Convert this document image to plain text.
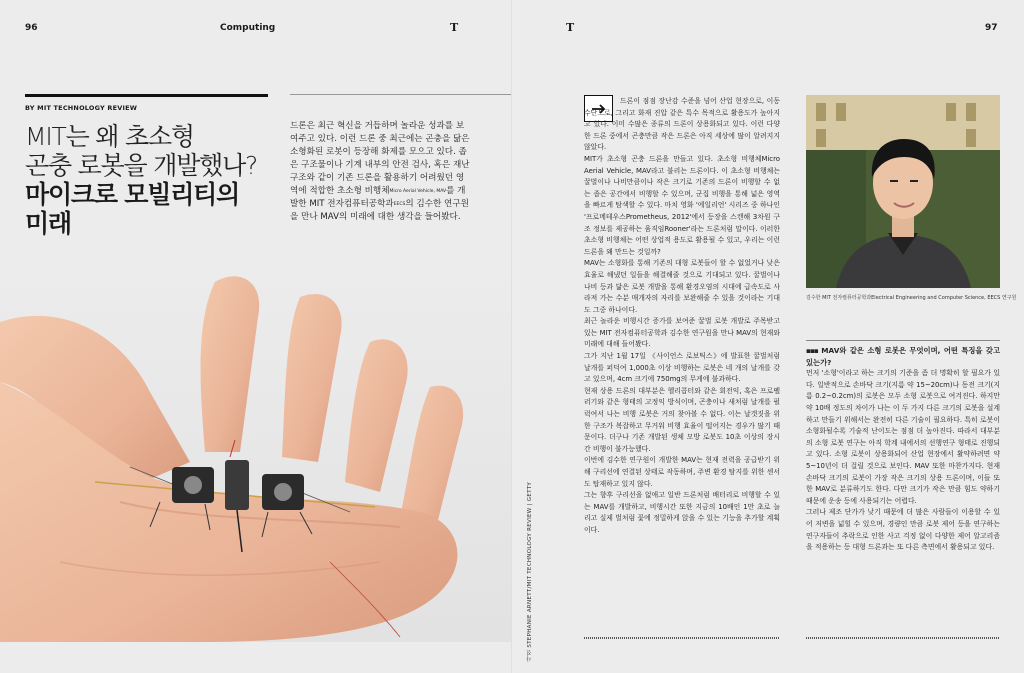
96	Computing	T	T	97
BY MIT TECHNOLOGY REVIEW
MIT는 왜 초소형
곤충 로봇을 개발했나?
마이크로 모빌리티의
미래
드론은 최근 혁신을 거듭하며 놀라운 성과를 보여주고 있다. 이런 드론 중 최근에는 곤충을 닮은 소형화된 로봇이 등장해 화제를 모으고 있다. 좁은 구조물이나 기계 내부의 안전 검사, 혹은 재난 구조와 같이 기존 드론을 활용하기 어려웠던 영역에 적합한 초소형 비행체$^{Micro Aerial Vehicle, MAV}$를 개발한 MIT 전자컴퓨터공학과$^{EECS}$의 김수한 연구원을 만나 MAV의 미래에 대한 생각을 들어봤다.
사진 STEPHANIE ARNETT/MIT TECHNOLOGY REVIEW | GETTY

드론이 점점 장난감 수준을 넘어 산업 현장으로, 이동 수단으로, 그리고 화재 진압 같은 특수 목적으로 활용도가 높아지고 있다. 이미 수많은 종류의 드론이 상용화되고 있다. 이런 다양한 드론 중에서 곤충만큼 작은 드론은 아직 세상에 많이 알려지지 않았다.

MIT가 초소형 곤충 드론을 만들고 있다. 초소형 비행체Micro Aerial Vehicle, MAV라고 불리는 드론이다. 이 초소형 비행체는 꿀벌이나 나비만큼이나 작은 크기로 기존의 드론이 비행할 수 없는 좁은 공간에서 비행할 수 있으며, 군집 비행을 통해 넓은 영역을 빠르게 탐색할 수 있다. 마치 영화 '에일리언' 시리즈 중 하나인 '프로메테우스Prometheus, 2012'에서 등장을 스캔해 3차원 구조 정보를 제공하는 움직임Rooner'라는 드론처럼 말이다. 이러한 초소형 비행체는 어떤 상업적 용도로 활용될 수 있고, 우리는 이런 드론을 왜 만드는 것일까?

MAV는 소형화를 통해 기존의 대형 로봇들이 할 수 없었거나 낮은 효율로 해냈던 일들을 해결해줄 것으로 기대되고 있다. 꿀벌이나 나비 등과 닮은 로봇 개발을 통해 환경오염의 시대에 급속도로 사라져 가는 수분 매개자의 자리를 보완해줄 수 있을 것이라는 기대도 그중 하나이다.

최근 놀라운 비행시간 증가를 보여준 꿀벌 로봇 개발로 주목받고 있는 MIT 전자컴퓨터공학과 김수한 연구원을 만나 MAV의 현재와 미래에 대해 들어봤다.

그가 지난 1월 17일 《사이언스 로보틱스》에 발표한 꿀벌처럼 날개를 퍼덕여 1,000초 이상 비행하는 로봇은 네 개의 날개를 갖고 있으며, 4cm 크기에 750mg의 무게에 불과하다.

현재 상용 드론의 대부분은 헬리콥터와 같은 회전익, 혹은 프로펠러기와 같은 형태의 고정익 방식이며, 곤충이나 새처럼 날개를 펄럭여서 나는 비행 로봇은 거의 찾아볼 수 없다. 이는 날갯짓을 위한 구조가 복잡하고 무거워 비행 효율이 떨어지는 경우가 많기 때문이다. 더구나 기존 개발된 생체 모방 로봇도 10초 이상의 장시간 비행이 불가능했다.

이번에 김수한 연구원이 개발한 MAV는 현재 전력을 공급받기 위해 구리선에 연결된 상태로 작동하며, 주변 환경 탐지를 위한 센서도 탑재하고 있지 않다.

그는 향후 구리선을 없애고 일반 드론처럼 배터리로 비행할 수 있는 MAV를 개발하고, 비행시간 또한 지금의 10배인 1만 초로 늘리고 실제 벌처럼 꽃에 정밀하게 앉을 수 있는 기능을 추가할 계획이다.

김수한 MIT 전자컴퓨터공학과Electrical Engineering and Computer Science, EECS 연구원

▪▪▪ MAV와 같은 소형 로봇은 무엇이며, 어떤 특징을 갖고 있는가?

먼저 '소형'이라고 하는 크기의 기준을 좀 더 명확히 할 필요가 있다. 일반적으로 손바닥 크기(지름 약 15~20cm)나 동전 크기(지름 0.2~0.2cm)의 로봇은 모두 소형 로봇으로 여겨진다. 하지만 약 10배 정도의 차이가 나는 이 두 가지 다른 크기의 로봇을 설계하고 만들기 위해서는 완전히 다른 기술이 필요하다. 특히 로봇이 소형화될수록 기술적 난이도는 점점 더 높아진다. 따라서 대부분의 소형 로봇 연구는 아직 학계 내에서의 선행연구 형태로 진행되고 있다. 소형 로봇이 상용화되어 산업 현장에서 활약하려면 약 5~10년이 더 걸릴 것으로 보인다. MAV 또한 마찬가지다. 현재 손바닥 크기의 로봇이 가장 작은 크기의 상용 드론이며, 이들 또한 MAV로 분류하기도 한다. 다만 크기가 작은 만큼 힘도 약하기 때문에 운송 등에 사용되기는 어렵다.

그러나 제조 단가가 낮기 때문에 더 많은 사람들이 이용할 수 있어 저변을 넓힐 수 있으며, 경량인 만큼 로봇 제어 등을 연구하는 연구자들이 추락으로 인한 사고 걱정 없이 다양한 제어 알고리즘을 적용하는 등 대형 드론과는 또 다른 측면에서 활용되고 있다.
